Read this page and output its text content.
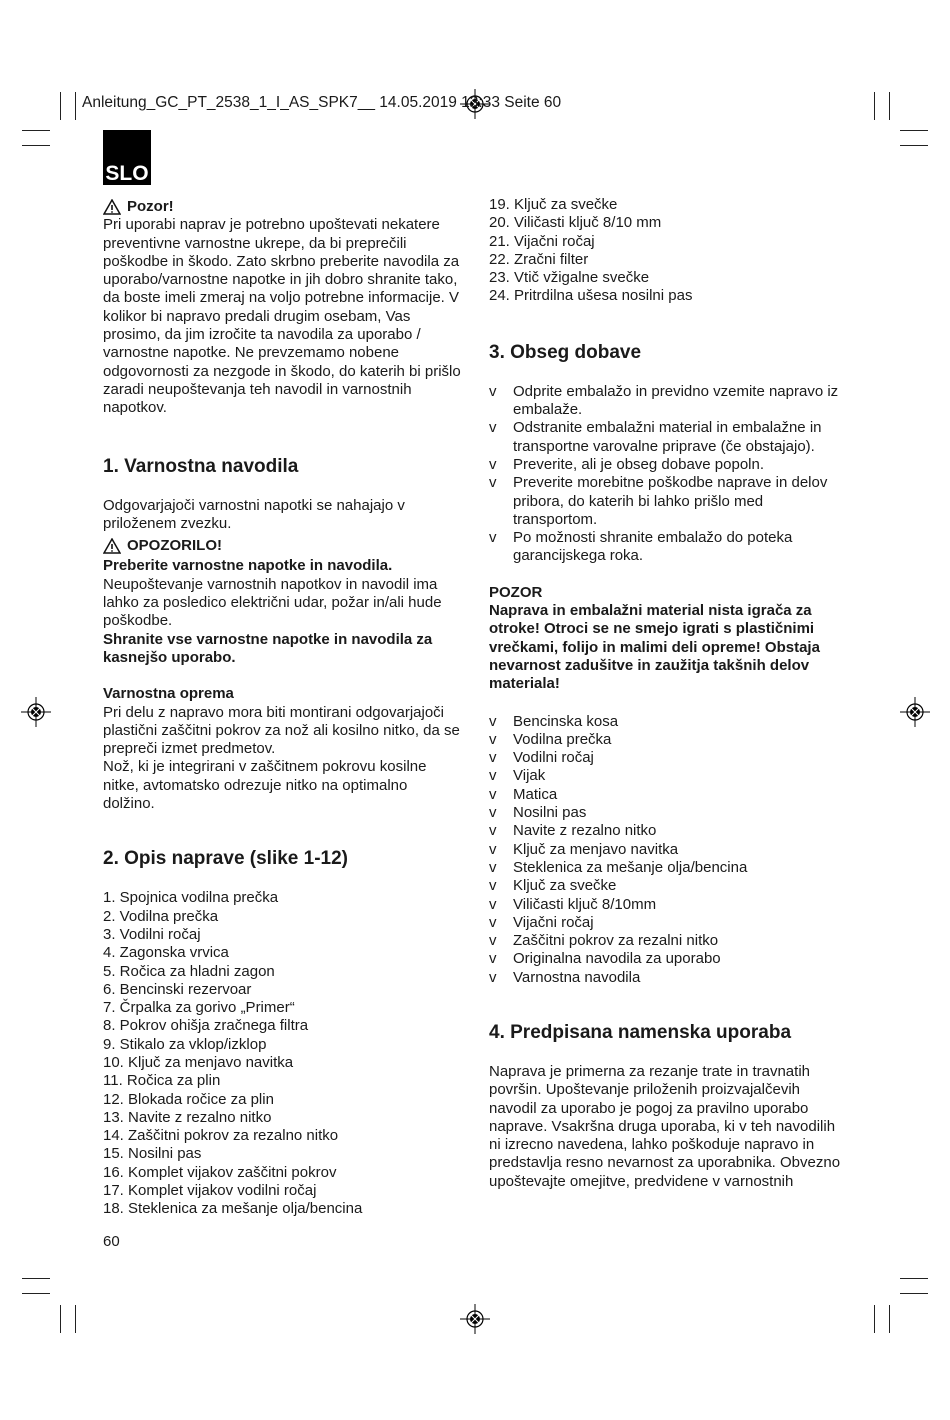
Anleitung_GC_PT_2538_1_I_AS_SPK7__ 14.05.2019 13:33 Seite 60
SLO
Pozor!

Pri uporabi naprav je potrebno upoštevati nekatere preventivne varnostne ukrepe, da bi preprečili poškodbe in škodo. Zato skrbno preberite navodila za uporabo/varnostne napotke in jih dobro shranite tako, da boste imeli zmeraj na voljo potrebne informacije. V kolikor bi napravo predali drugim osebam, Vas prosimo, da jim izročite ta navodila za uporabo / varnostne napotke. Ne prevzemamo nobene odgovornosti za nezgode in škodo, do katerih bi prišlo zaradi neupoštevanja teh navodil in varnostnih napotkov.

1. Varnostna navodila

Odgovarjajoči varnostni napotki se nahajajo v priloženem zvezku.

OPOZORILO!

Preberite varnostne napotke in navodila.

Neupoštevanje varnostnih napotkov in navodil ima lahko za posledico električni udar, požar in/ali hude poškodbe.

Shranite vse varnostne napotke in navodila za kasnejšo uporabo.

Varnostna oprema

Pri delu z napravo mora biti montirani odgovarjajoči plastični zaščitni pokrov za nož ali kosilno nitko, da se prepreči izmet predmetov.

Nož, ki je integrirani v zaščitnem pokrovu kosilne nitke, avtomatsko odrezuje nitko na optimalno dolžino.

2. Opis naprave (slike 1-12)
1. Spojnica vodilna prečka
2. Vodilna prečka
3. Vodilni ročaj
4. Zagonska vrvica
5. Ročica za hladni zagon
6. Bencinski rezervoar
7. Črpalka za gorivo „Primer“
8. Pokrov ohišja zračnega filtra
9. Stikalo za vklop/izklop
10. Ključ za menjavo navitka
11. Ročica za plin
12. Blokada ročice za plin
13. Navite z rezalno nitko
14. Zaščitni pokrov za rezalno nitko
15. Nosilni pas
16. Komplet vijakov zaščitni pokrov
17. Komplet vijakov vodilni ročaj
18. Steklenica za mešanje olja/bencina
19. Ključ za svečke
20. Viličasti ključ 8/10 mm
21. Vijačni ročaj
22. Zračni filter
23. Vtič vžigalne svečke
24. Pritrdilna ušesa nosilni pas
3. Obseg dobave
v Odprite embalažo in previdno vzemite napravo iz embalaže.
v Odstranite embalažni material in embalažne in transportne varovalne priprave (če obstajajo).
v Preverite, ali je obseg dobave popoln.
v Preverite morebitne poškodbe naprave in delov pribora, do katerih bi lahko prišlo med transportom.
v Po možnosti shranite embalažo do poteka garancijskega roka.

POZOR

Naprava in embalažni material nista igrača za otroke! Otroci se ne smejo igrati s plastičnimi vrečkami, folijo in malimi deli opreme! Obstaja nevarnost zadušitve in zaužitja takšnih delov materiala!

v Bencinska kosa
v Vodilna prečka
v Vodilni ročaj
v Vijak
v Matica
v Nosilni pas
v Navite z rezalno nitko
v Ključ za menjavo navitka
v Steklenica za mešanje olja/bencina
v Ključ za svečke
v Viličasti ključ 8/10mm
v Vijačni ročaj
v Zaščitni pokrov za rezalni nitko
v Originalna navodila za uporabo
v Varnostna navodila
4. Predpisana namenska uporaba

Naprava je primerna za rezanje trate in travnatih površin. Upoštevanje priloženih proizvajalčevih navodil za uporabo je pogoj za pravilno uporabo naprave. Vsakršna druga uporaba, ki v teh navodilih ni izrecno navedena, lahko poškoduje napravo in predstavlja resno nevarnost za uporabnika. Obvezno upoštevajte omejitve, predvidene v varnostnih

60
